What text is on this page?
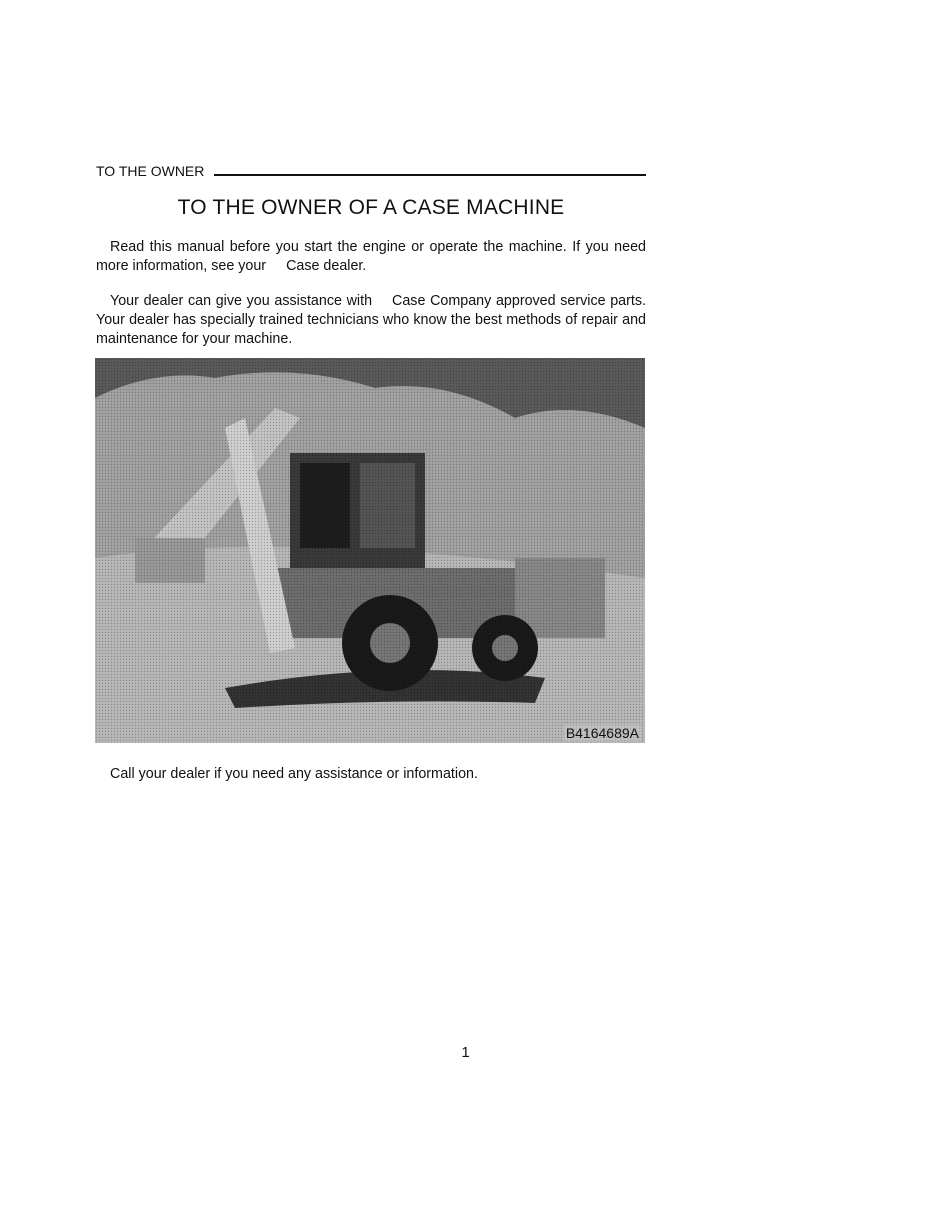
TO THE OWNER
TO THE OWNER OF A CASE MACHINE
Read this manual before you start the engine or operate the machine. If you need more information, see your Case dealer.
Your dealer can give you assistance with Case Company approved service parts. Your dealer has specially trained technicians who know the best methods of repair and maintenance for your machine.
B4164689A
Call your dealer if you need any assistance or information.
1
